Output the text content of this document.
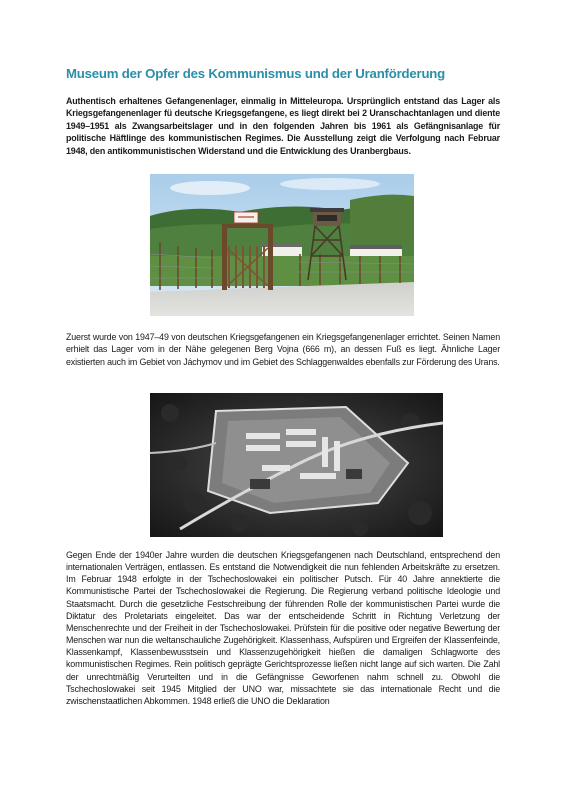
Museum der Opfer des Kommunismus und der Uranförderung
Authentisch erhaltenes Gefangenenlager, einmalig in Mitteleuropa. Ursprünglich entstand das Lager als Kriegsgefangenenlager fü deutsche Kriegsgefangene, es liegt direkt bei 2 Uranschachtanlagen und diente 1949–1951 als Zwangsarbeitslager und in den folgenden Jahren bis 1961 als Gefängnisanlage für politische Häftlinge des kommunistischen Regimes. Die Ausstellung zeigt die Verfolgung nach Februar 1948, den antikommunistischen Widerstand und die Entwicklung des Uranbergbaus.
Zuerst wurde von 1947–49 von deutschen Kriegsgefangenen ein Kriegsgefangenenlager errichtet. Seinen Namen erhielt das Lager vom in der Nähe gelegenen Berg Vojna (666 m), an dessen Fuß es liegt. Ähnliche Lager existierten auch im Gebiet von Jáchymov und im Gebiet des Schlaggenwaldes ebenfalls zur Förderung des Urans.
Gegen Ende der 1940er Jahre wurden die deutschen Kriegsgefangenen nach Deutschland, entsprechend den internationalen Verträgen, entlassen. Es entstand die Notwendigkeit die nun fehlenden Arbeitskräfte zu ersetzen. Im Februar 1948 erfolgte in der Tschechoslowakei ein politischer Putsch. Für 40 Jahre annektierte die Kommunistische Partei der Tschechoslowakei die Regierung. Die Regierung verband politische Ideologie und Staatsmacht. Durch die gesetzliche Festschreibung der führenden Rolle der kommunistischen Partei wurde die Diktatur des Proletariats eingeleitet. Das war der entscheidende Schritt in Richtung Verletzung der Menschenrechte und der Freiheit in der Tschechoslowakei. Prüfstein für die positive oder negative Bewertung der Menschen war nun die weltanschauliche Zugehörigkeit. Klassenhass, Aufspüren und Ergreifen der Klassenfeinde, Klassenkampf, Klassenbewusstsein und Klassenzugehörigkeit hießen die damaligen Schlagworte des kommunistischen Regimes. Rein politisch geprägte Gerichtsprozesse ließen nicht lange auf sich warten. Die Zahl der unrechtmäßig Verurteilten und in die Gefängnisse Geworfenen nahm schnell zu. Obwohl die Tschechoslowakei seit 1945 Mitglied der UNO war, missachtete sie das internationale Recht und die zwischenstaatlichen Abkommen. 1948 erließ die UNO die Deklaration
